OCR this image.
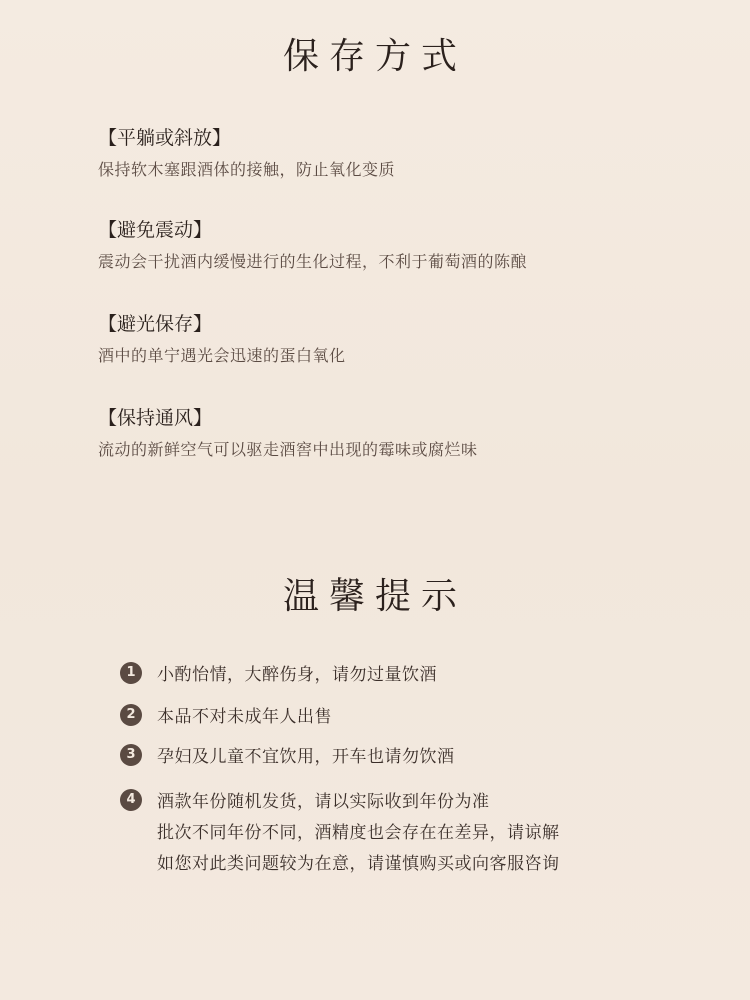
保存方式
【平躺或斜放】
保持软木塞跟酒体的接触，防止氧化变质
【避免震动】
震动会干扰酒内缓慢进行的生化过程，不利于葡萄酒的陈酿
【避光保存】
酒中的单宁遇光会迅速的蛋白氧化
【保持通风】
流动的新鲜空气可以驱走酒窖中出现的霉味或腐烂味
温馨提示
1	小酌怡情，大醉伤身，请勿过量饮酒
2	本品不对未成年人出售
3	孕妇及儿童不宜饮用，开车也请勿饮酒
4	酒款年份随机发货，请以实际收到年份为准
批次不同年份不同，酒精度也会存在在差异，请谅解
如您对此类问题较为在意，请谨慎购买或向客服咨询
